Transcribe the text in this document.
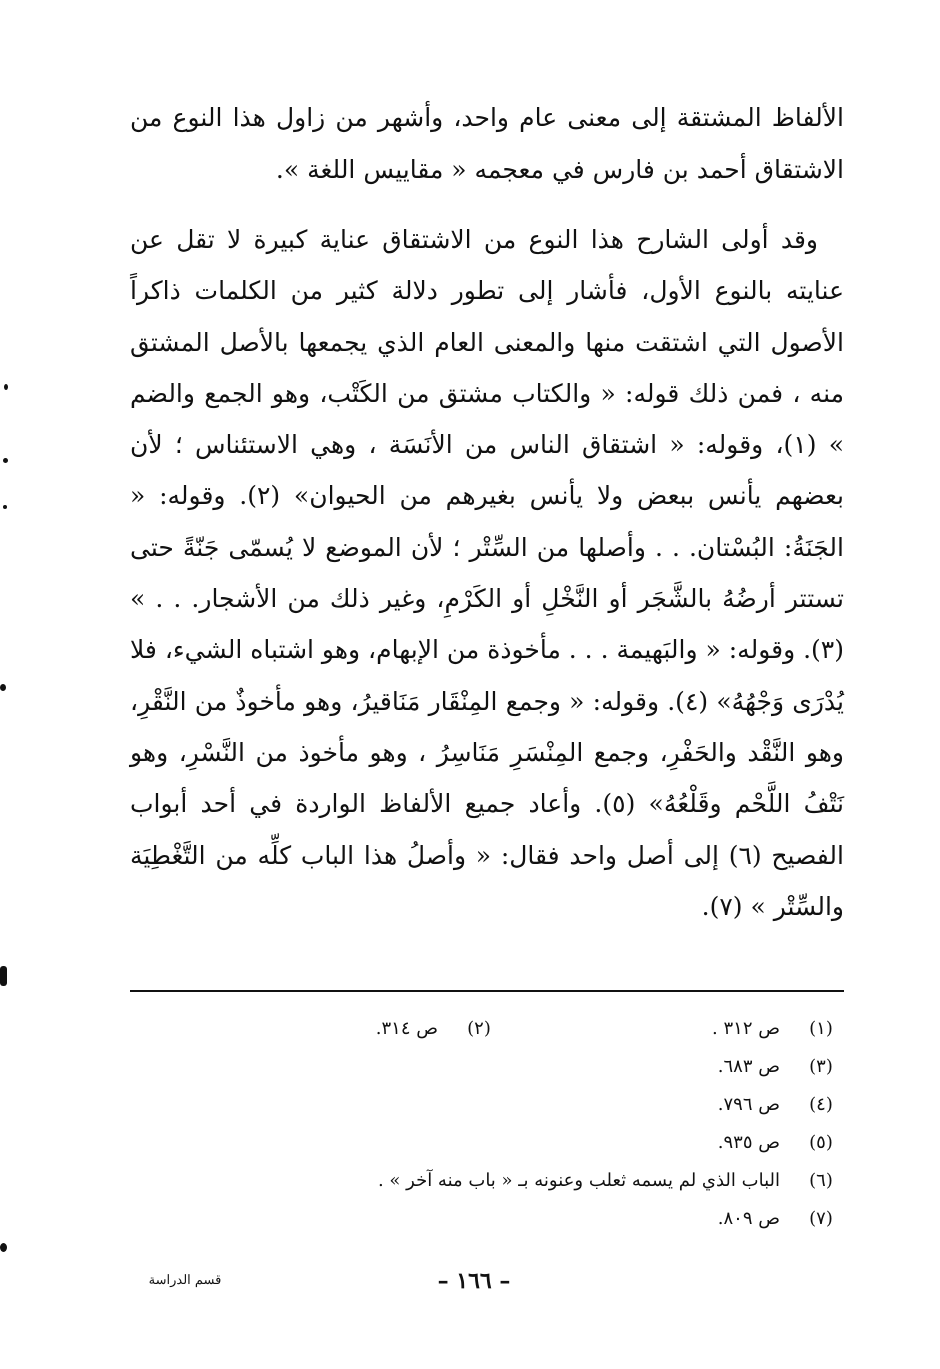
الألفاظ المشتقة إلى معنى عام واحد، وأشهر من زاول هذا النوع من الاشتقاق أحمد بن فارس في معجمه « مقاييس اللغة ».

وقد أولى الشارح هذا النوع من الاشتقاق عناية كبيرة لا تقل عن عنايته بالنوع الأول، فأشار إلى تطور دلالة كثير من الكلمات ذاكراً الأصول التي اشتقت منها والمعنى العام الذي يجمعها بالأصل المشتق منه ، فمن ذلك قوله: « والكتاب مشتق من الكَتْب، وهو الجمع والضم » (١)، وقوله: « اشتقاق الناس من الأنَسَة ، وهي الاستئناس ؛ لأن بعضهم يأنس ببعض ولا يأنس بغيرهم من الحيوان» (٢). وقوله: « الجَنَةُ: البُسْتان. . . وأصلها من السِّتْر ؛ لأن الموضع لا يُسمّى جَنّةً حتى تستتر أرضُهُ بالشَّجَر أو النَّخْلِ أو الكَرْمِ، وغير ذلك من الأشجار. . . » (٣). وقوله: « والبَهيمة . . . مأخوذة من الإبهام، وهو اشتباه الشيء، فلا يُدْرَى وَجْهُهُ» (٤). وقوله: « وجمع المِنْقَار مَنَاقيرُ، وهو مأخوذٌ من النَّقْرِ، وهو النَّقْد والحَفْرِ، وجمع المِنْسَرِ مَنَاسِرُ ، وهو مأخوذ من النَّسْرِ، وهو نَتْفُ اللَّحْم وقَلْعُهُ» (٥). وأعاد جميع الألفاظ الواردة في أحد أبواب الفصيح (٦) إلى أصل واحد فقال: « وأصلُ هذا الباب كلِّه من التَّغْطِيَة والسِّتْر » (٧).

(١)
ص ٣١٢ .
(٢)
ص ٣١٤.
(٣)
ص ٦٨٣.
(٤)
ص ٧٩٦.
(٥)
ص ٩٣٥.
(٦)
الباب الذي لم يسمه ثعلب وعنونه بـ « باب منه آخر » .
(٧)
ص ٨٠٩.
– ١٦٦ –
قسم الدراسة
